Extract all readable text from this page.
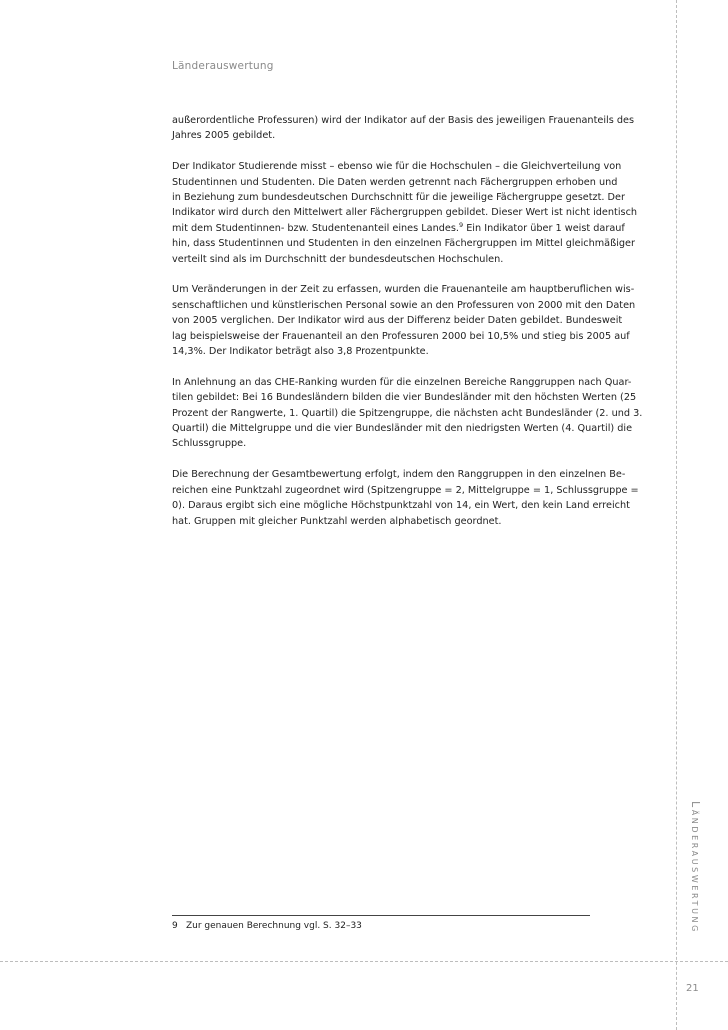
Länderauswertung
außerordentliche Professuren) wird der Indikator auf der Basis des jeweiligen Frauenanteils des
Jahres 2005 gebildet.
Der Indikator Studierende misst – ebenso wie für die Hochschulen – die Gleichverteilung von
Studentinnen und Studenten. Die Daten werden getrennt nach Fächergruppen erhoben und
in Beziehung zum bundesdeutschen Durchschnitt für die jeweilige Fächergruppe gesetzt. Der
Indikator wird durch den Mittelwert aller Fächergruppen gebildet. Dieser Wert ist nicht identisch
mit dem Studentinnen- bzw. Studentenanteil eines Landes.$^9$ Ein Indikator über 1 weist darauf
hin, dass Studentinnen und Studenten in den einzelnen Fächergruppen im Mittel gleichmäßiger
verteilt sind als im Durchschnitt der bundesdeutschen Hochschulen.
Um Veränderungen in der Zeit zu erfassen, wurden die Frauenanteile am hauptberuflichen wis-
senschaftlichen und künstlerischen Personal sowie an den Professuren von 2000 mit den Daten
von 2005 verglichen. Der Indikator wird aus der Differenz beider Daten gebildet. Bundesweit
lag beispielsweise der Frauenanteil an den Professuren 2000 bei 10,5% und stieg bis 2005 auf
14,3%. Der Indikator beträgt also 3,8 Prozentpunkte.
In Anlehnung an das CHE-Ranking wurden für die einzelnen Bereiche Ranggruppen nach Quar-
tilen gebildet: Bei 16 Bundesländern bilden die vier Bundesländer mit den höchsten Werten (25
Prozent der Rangwerte, 1. Quartil) die Spitzengruppe, die nächsten acht Bundesländer (2. und 3.
Quartil) die Mittelgruppe und die vier Bundesländer mit den niedrigsten Werten (4. Quartil) die
Schlussgruppe.
Die Berechnung der Gesamtbewertung erfolgt, indem den Ranggruppen in den einzelnen Be-
reichen eine Punktzahl zugeordnet wird (Spitzengruppe = 2, Mittelgruppe = 1, Schlussgruppe =
0). Daraus ergibt sich eine mögliche Höchstpunktzahl von 14, ein Wert, den kein Land erreicht
hat. Gruppen mit gleicher Punktzahl werden alphabetisch geordnet.
9 Zur genauen Berechnung vgl. S. 32–33	Länderauswertung
21
